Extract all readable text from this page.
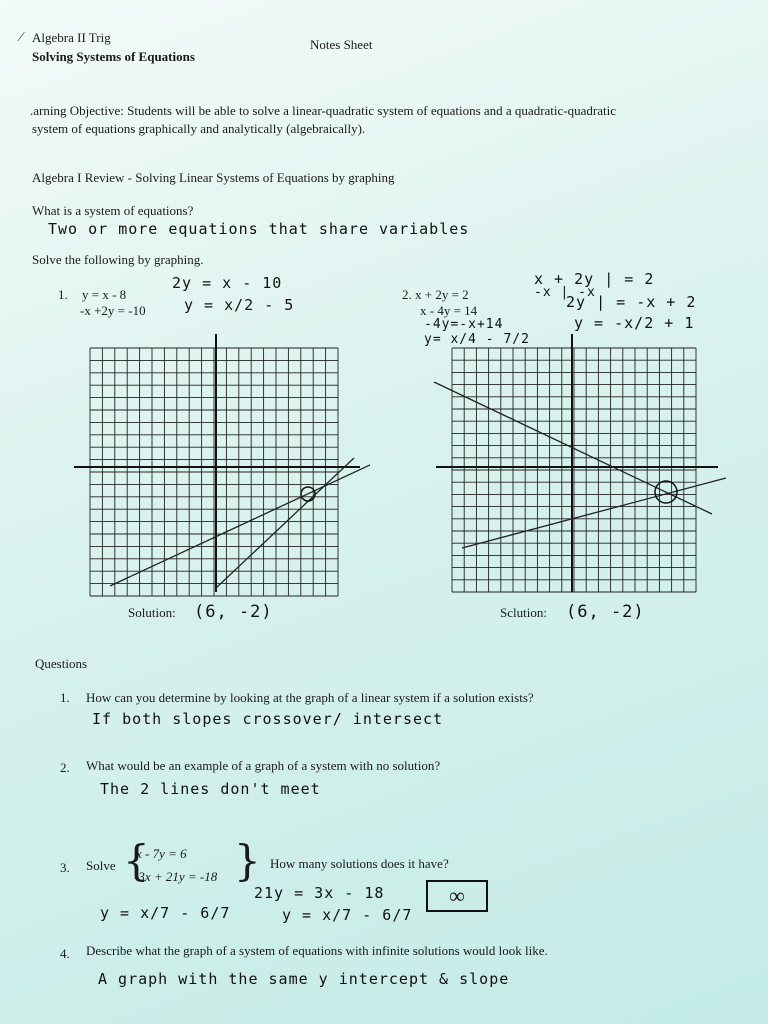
⁄ Algebra II Trig
Solving Systems of Equations
Notes Sheet
.arning Objective: Students will be able to solve a linear-quadratic system of equations and a quadratic-quadratic
system of equations graphically and analytically (algebraically).
Algebra I Review - Solving Linear Systems of Equations by graphing
What is a system of equations?
Two or more equations that share variables
Solve the following by graphing.
1. y = x - 8
-x +2y = -10
2y = x - 10
y = x/2 - 5
Solution: (6, -2)
2. x + 2y = 2
x - 4y = 14
-4y=-x+14
y= x/4 - 7/2
x + 2y | = 2
-x | -x
2y | = -x + 2
y = -x/2 + 1
Sclution: (6, -2)
Questions
1. How can you determine by looking at the graph of a linear system if a solution exists?
If both slopes crossover/ intersect
2. What would be an example of a graph of a system with no solution?
The 2 lines don't meet
3. Solve {
x - 7y = 6
-3x + 21y = -18 } How many solutions does it have?
21y = 3x - 18
y = x/7 - 6/7
y = x/7 - 6/7
∞
4. Describe what the graph of a system of equations with infinite solutions would look like.
A graph with the same y intercept & slope
